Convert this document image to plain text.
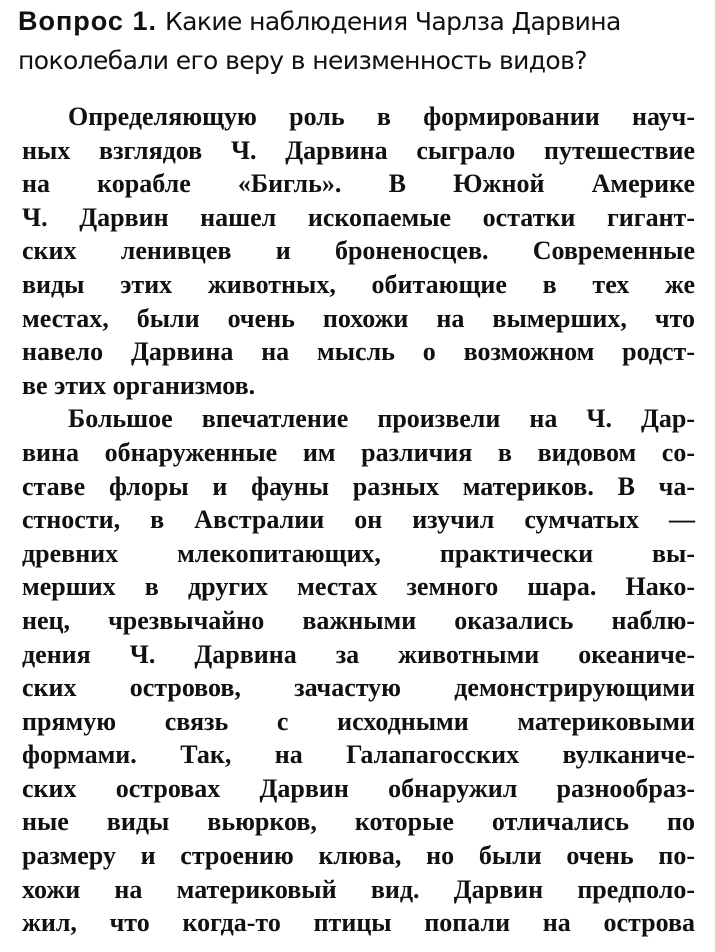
Вопрос 1. Какие наблюдения Чарлза Дарвина
поколебали его веру в неизменность видов?
Определяющую роль в формировании науч-
ных взглядов Ч. Дарвина сыграло путешествие
на корабле «Бигль». В Южной Америке
Ч. Дарвин нашел ископаемые остатки гигант-
ских ленивцев и броненосцев. Современные
виды этих животных, обитающие в тех же
местах, были очень похожи на вымерших, что
навело Дарвина на мысль о возможном родст-
ве этих организмов.
Большое впечатление произвели на Ч. Дар-
вина обнаруженные им различия в видовом со-
ставе флоры и фауны разных материков. В ча-
стности, в Австралии он изучил сумчатых —
древних млекопитающих, практически вы-
мерших в других местах земного шара. Нако-
нец, чрезвычайно важными оказались наблю-
дения Ч. Дарвина за животными океаниче-
ских островов, зачастую демонстрирующими
прямую связь с исходными материковыми
формами. Так, на Галапагосских вулканиче-
ских островах Дарвин обнаружил разнообраз-
ные виды вьюрков, которые отличались по
размеру и строению клюва, но были очень по-
хожи на материковый вид. Дарвин предполо-
жил, что когда-то птицы попали на острова
